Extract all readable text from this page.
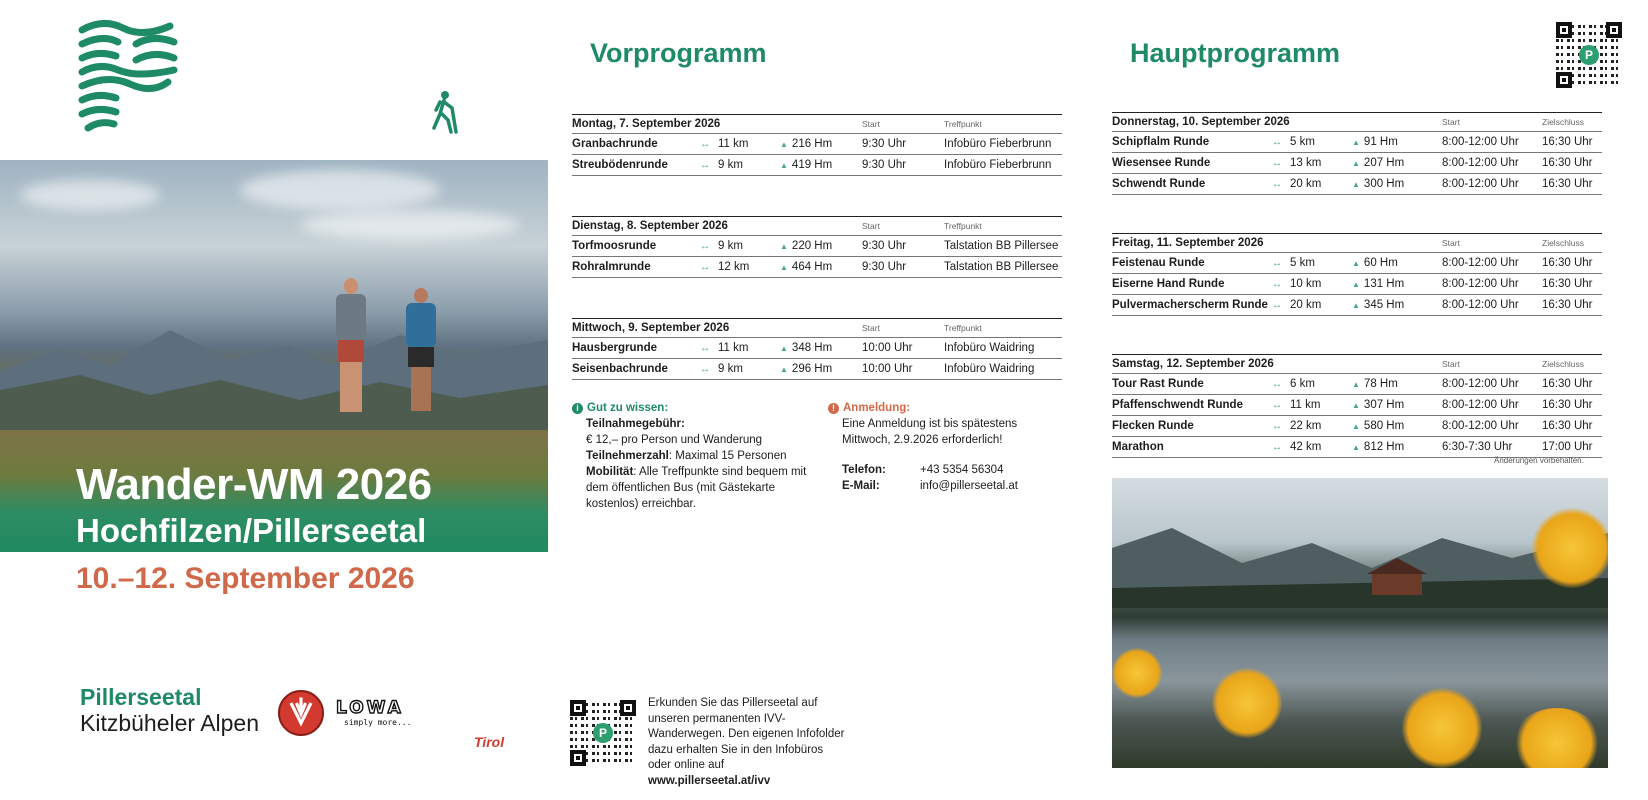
Wander-WM 2026
Hochfilzen/Pillerseetal
10.–12. September 2026
Pillerseetal
Kitzbüheler Alpen
LOWA
simply more...
Tirol
Vorprogramm
Montag, 7. September 2026	Start	Treffpunkt
Granbachrunde	↔ 11 km	▲ 216 Hm	9:30 Uhr	Infobüro Fieberbrunn
Streubödenrunde	↔ 9 km	▲ 419 Hm	9:30 Uhr	Infobüro Fieberbrunn
Dienstag, 8. September 2026	Start	Treffpunkt
Torfmoosrunde	↔ 9 km	▲ 220 Hm	9:30 Uhr	Talstation BB Pillersee
Rohralmrunde	↔ 12 km	▲ 464 Hm	9:30 Uhr	Talstation BB Pillersee
Mittwoch, 9. September 2026	Start	Treffpunkt
Hausbergrunde	↔ 11 km	▲ 348 Hm	10:00 Uhr	Infobüro Waidring
Seisenbachrunde	↔ 9 km	▲ 296 Hm	10:00 Uhr	Infobüro Waidring
i Gut zu wissen:
Teilnahmegebühr:
€ 12,– pro Person und Wanderung
Teilnehmerzahl: Maximal 15 Personen
Mobilität: Alle Treffpunkte sind bequem mit dem öffentlichen Bus (mit Gästekarte kostenlos) erreichbar.
! Anmeldung:
Eine Anmeldung ist bis spätestens Mittwoch, 2.9.2026 erforderlich!
Telefon:	+43 5354 56304
E-Mail:	info@pillerseetal.at
P
Erkunden Sie das Pillerseetal auf unseren permanenten IVV-Wanderwegen. Den eigenen Infofolder dazu erhalten Sie in den Infobüros oder online auf www.pillerseetal.at/ivv
Hauptprogramm	P
Donnerstag, 10. September 2026	Start	Zielschluss
Schipflalm Runde	↔ 5 km	▲ 91 Hm	8:00-12:00 Uhr	16:30 Uhr
Wiesensee Runde	↔ 13 km	▲ 207 Hm	8:00-12:00 Uhr	16:30 Uhr
Schwendt Runde	↔ 20 km	▲ 300 Hm	8:00-12:00 Uhr	16:30 Uhr
Freitag, 11. September 2026	Start	Zielschluss
Feistenau Runde	↔ 5 km	▲ 60 Hm	8:00-12:00 Uhr	16:30 Uhr
Eiserne Hand Runde	↔ 10 km	▲ 131 Hm	8:00-12:00 Uhr	16:30 Uhr
Pulvermacherscherm Runde ↔ 20 km	▲ 345 Hm	8:00-12:00 Uhr	16:30 Uhr
Samstag, 12. September 2026	Start	Zielschluss
Tour Rast Runde	↔ 6 km	▲ 78 Hm	8:00-12:00 Uhr	16:30 Uhr
Pfaffenschwendt Runde	↔ 11 km	▲ 307 Hm	8:00-12:00 Uhr	16:30 Uhr
Flecken Runde	↔ 22 km	▲ 580 Hm	8:00-12:00 Uhr	16:30 Uhr
Marathon	↔ 42 km	▲ 812 Hm	6:30-7:30 Uhr	17:00 Uhr
Änderungen vorbehalten.
